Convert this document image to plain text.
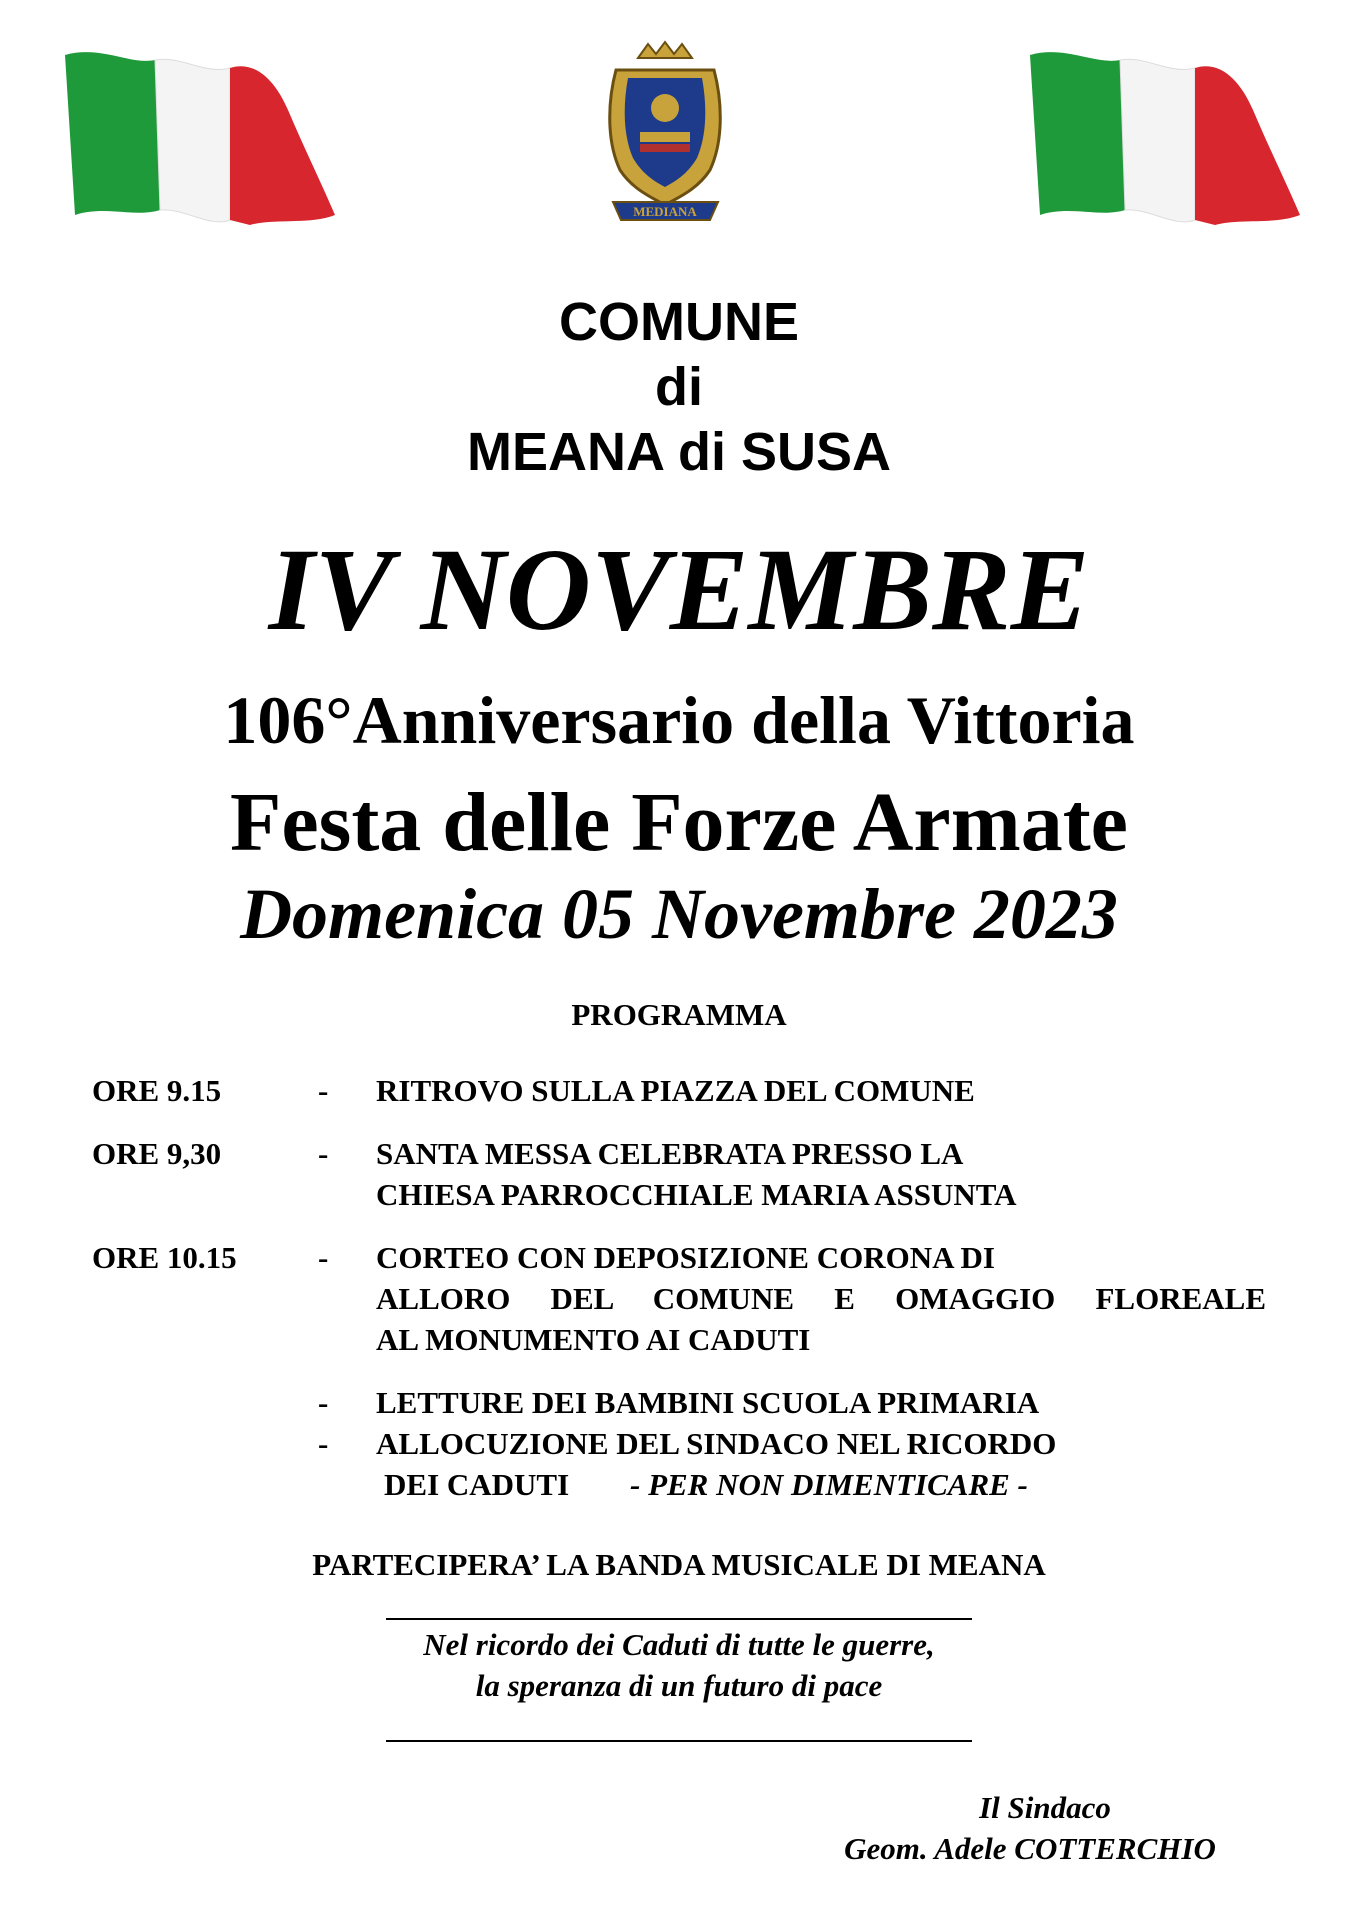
MEDIANA
COMUNE
di
MEANA di SUSA
IV NOVEMBRE
106°Anniversario della Vittoria
Festa delle Forze Armate
Domenica 05 Novembre 2023
PROGRAMMA
ORE 9.15	- RITROVO SULLA PIAZZA DEL COMUNE
ORE 9,30	- SANTA MESSA CELEBRATA PRESSO LA
CHIESA PARROCCHIALE MARIA ASSUNTA
ORE 10.15	- CORTEO CON DEPOSIZIONE CORONA DI
ALLORO DEL COMUNE E OMAGGIO FLOREALE
AL MONUMENTO AI CADUTI
- LETTURE DEI BAMBINI SCUOLA PRIMARIA
- ALLOCUZIONE DEL SINDACO NEL RICORDO
DEI CADUTI - PER NON DIMENTICARE -
PARTECIPERA’ LA BANDA MUSICALE DI MEANA
Nel ricordo dei Caduti di tutte le guerre,
la speranza di un futuro di pace
Il Sindaco
Geom. Adele COTTERCHIO
